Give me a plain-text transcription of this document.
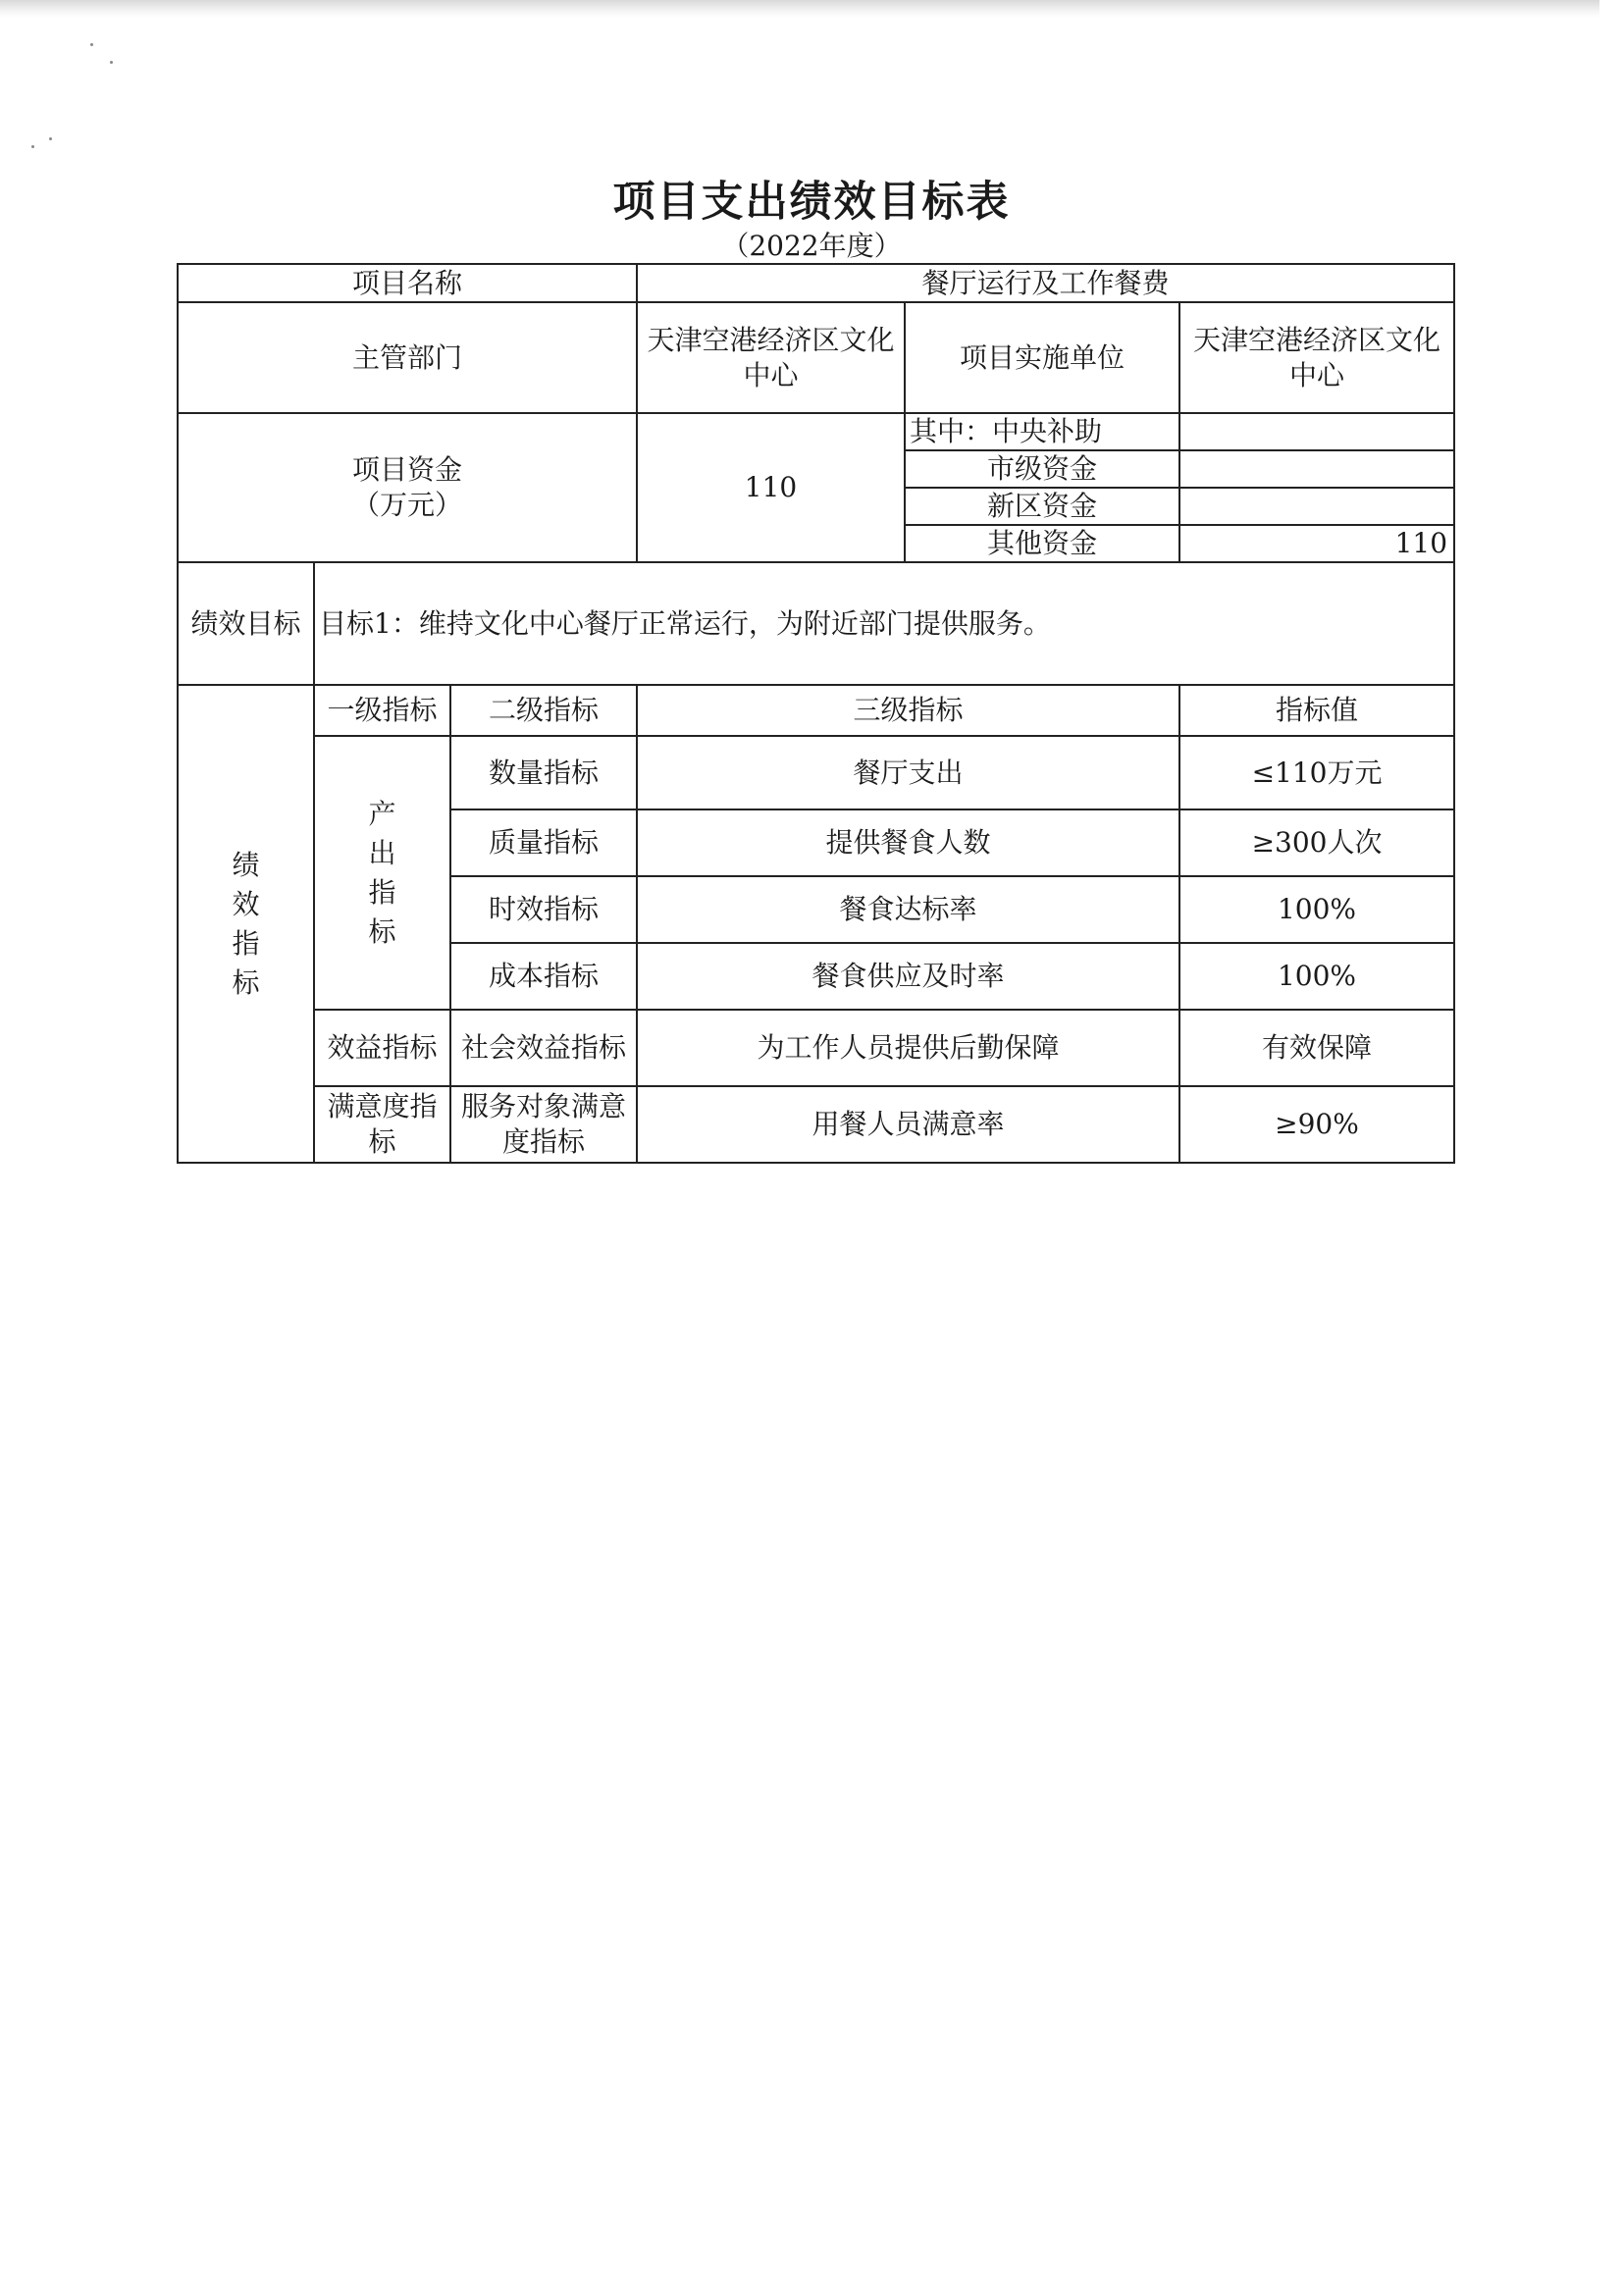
项目支出绩效目标表
（2022年度）
项目名称			餐厅运行及工作餐费		
主管部门			天津空港经济区文化中心	项目实施单位	天津空港经济区文化中心

项目资金
（万元）			110	其中：中央补助	
				市级资金	
				新区资金	
				其他资金	110
绩效目标	目标1：维持文化中心餐厅正常运行，为附近部门提供服务。				

绩效指标	一级指标	二级指标	三级指标		指标值

	产出指标	数量指标	餐厅支出		≤110万元
		质量指标	提供餐食人数		≥300人次
		时效指标	餐食达标率		100%
		成本指标	餐食供应及时率		100%
	效益指标	社会效益指标	为工作人员提供后勤保障		有效保障
	满意度指标	服务对象满意度指标	用餐人员满意率		≥90%
